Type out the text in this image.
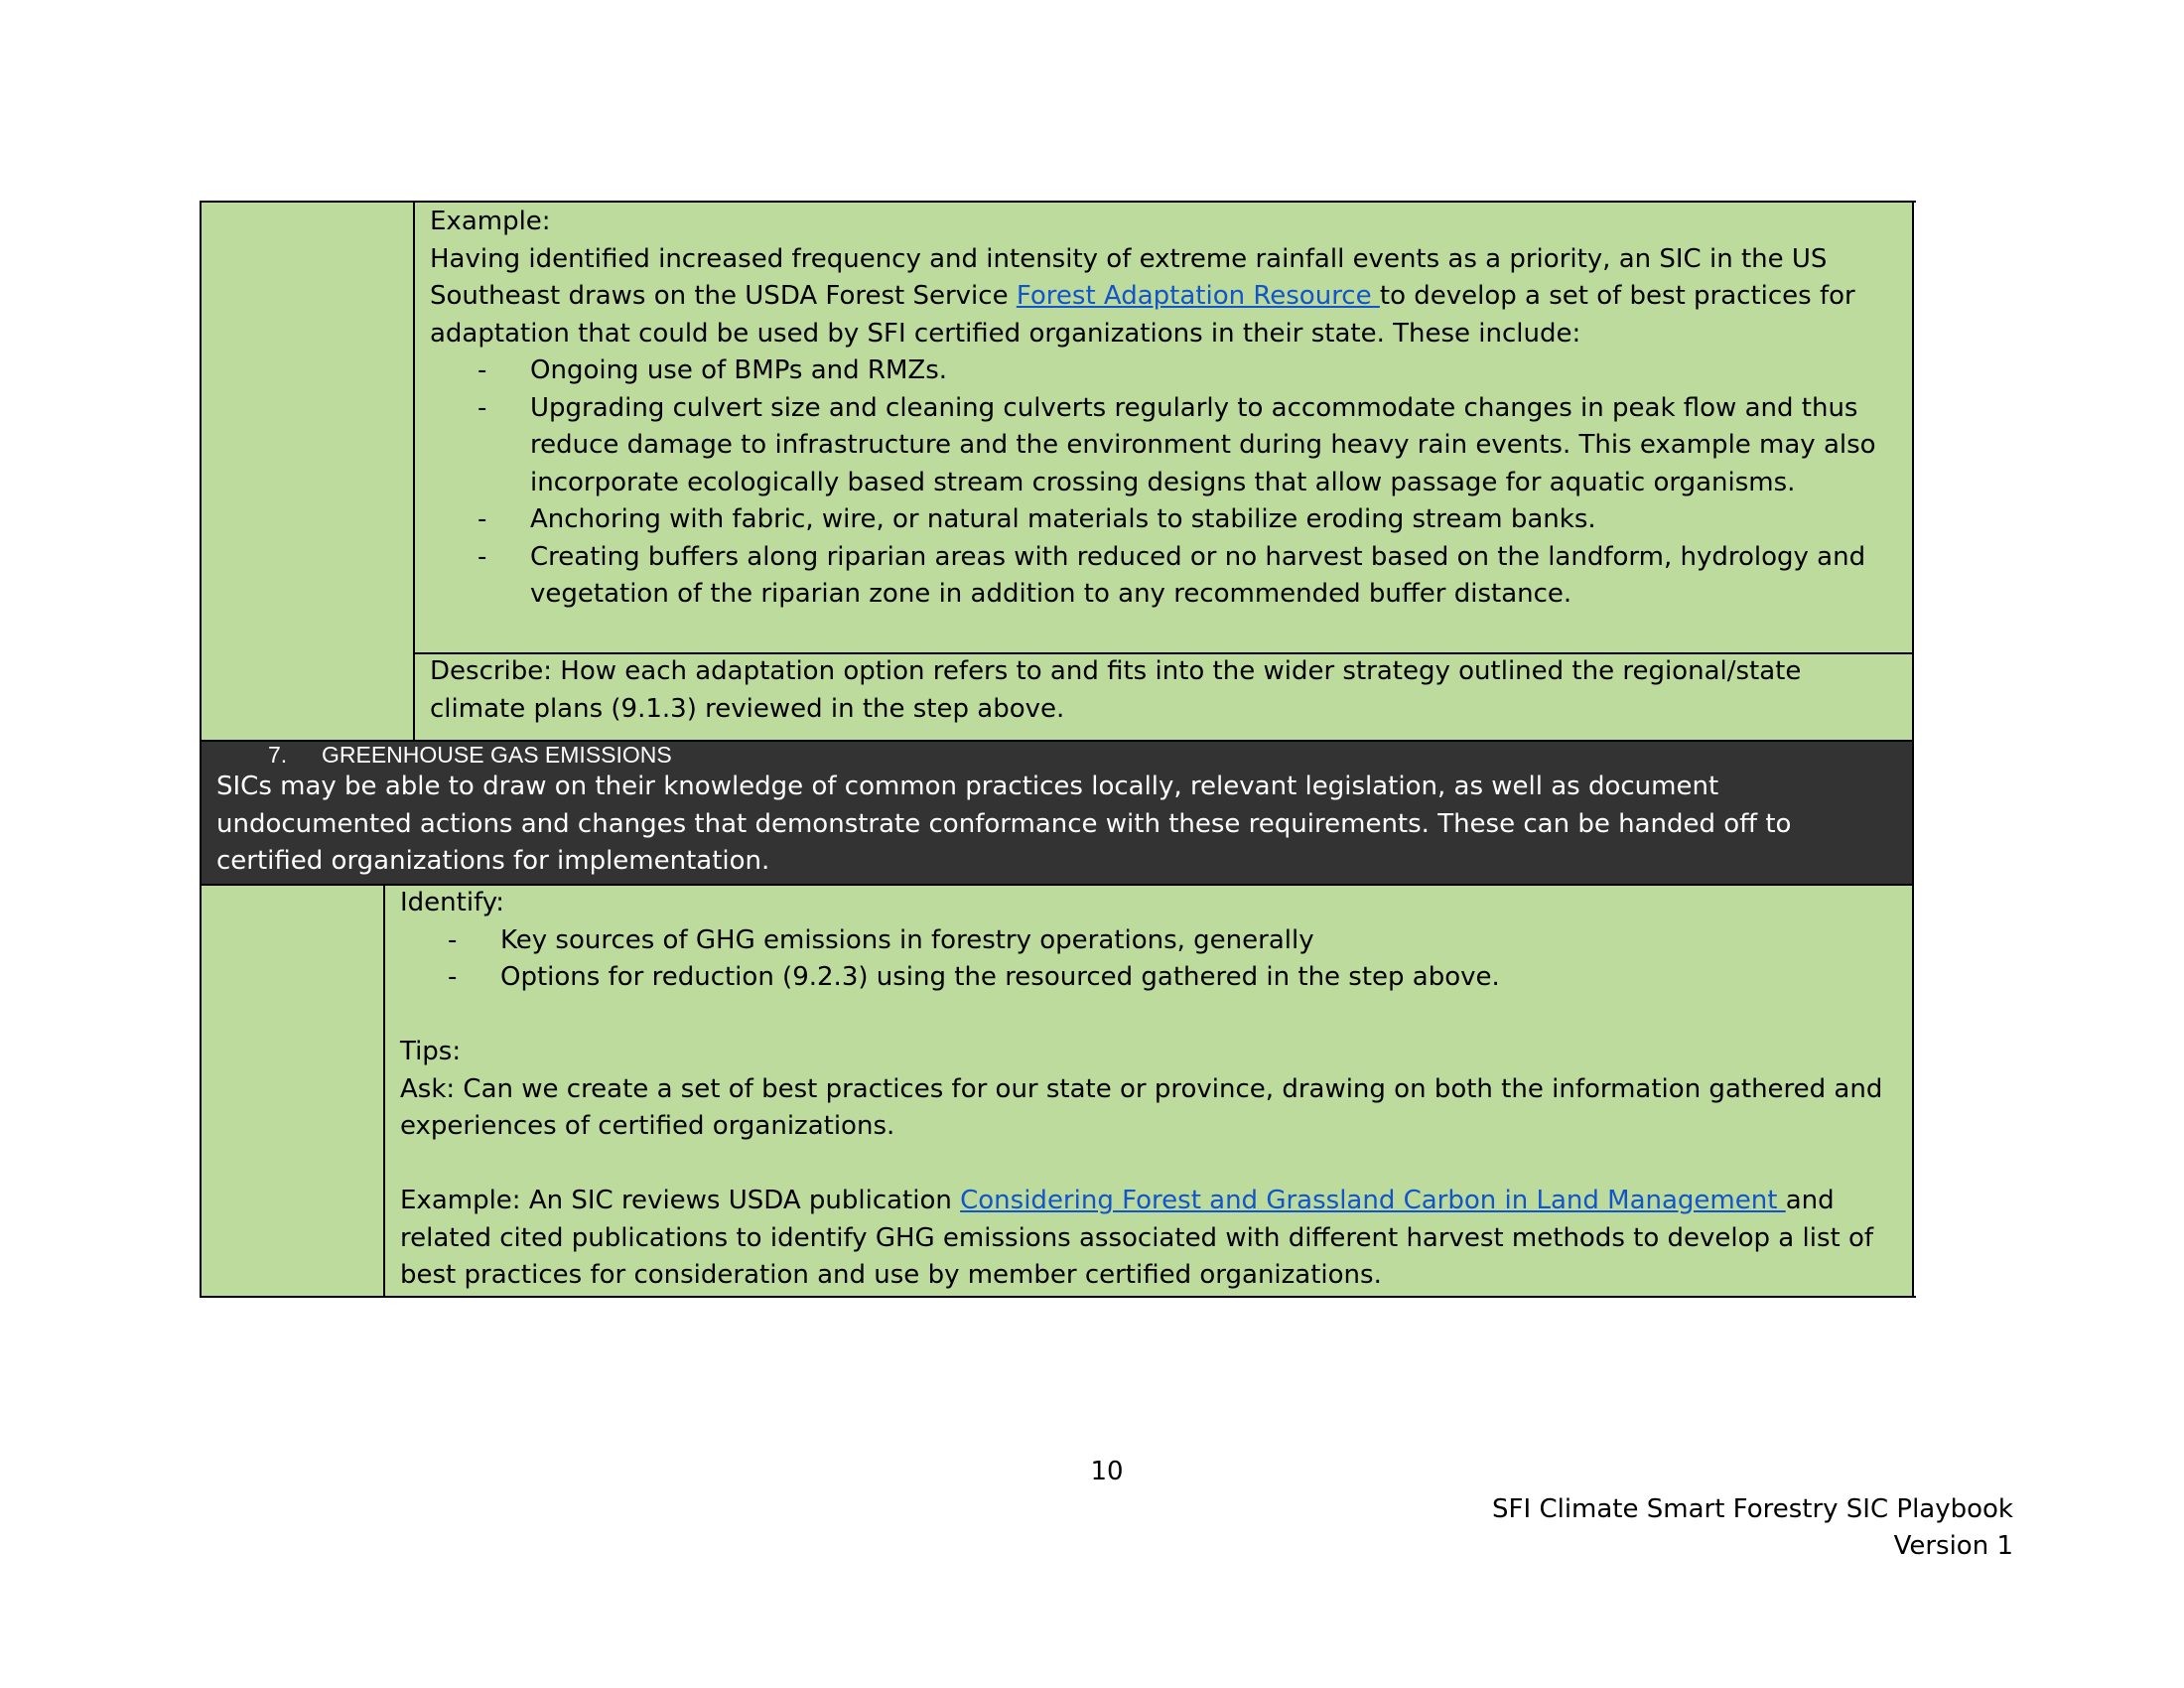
Example:
Having identified increased frequency and intensity of extreme rainfall events as a priority, an SIC in the US Southeast draws on the USDA Forest Service Forest Adaptation Resource to develop a set of best practices for adaptation that could be used by SFI certified organizations in their state. These include:
- Ongoing use of BMPs and RMZs.
- Upgrading culvert size and cleaning culverts regularly to accommodate changes in peak flow and thus reduce damage to infrastructure and the environment during heavy rain events. This example may also incorporate ecologically based stream crossing designs that allow passage for aquatic organisms.
- Anchoring with fabric, wire, or natural materials to stabilize eroding stream banks.
- Creating buffers along riparian areas with reduced or no harvest based on the landform, hydrology and vegetation of the riparian zone in addition to any recommended buffer distance.
Describe: How each adaptation option refers to and fits into the wider strategy outlined the regional/state climate plans (9.1.3) reviewed in the step above.
7. GREENHOUSE GAS EMISSIONS
SICs may be able to draw on their knowledge of common practices locally, relevant legislation, as well as document undocumented actions and changes that demonstrate conformance with these requirements. These can be handed off to certified organizations for implementation.
Identify:
- Key sources of GHG emissions in forestry operations, generally
- Options for reduction (9.2.3) using the resourced gathered in the step above.
Tips:
Ask: Can we create a set of best practices for our state or province, drawing on both the information gathered and experiences of certified organizations.
Example: An SIC reviews USDA publication Considering Forest and Grassland Carbon in Land Management and related cited publications to identify GHG emissions associated with different harvest methods to develop a list of best practices for consideration and use by member certified organizations.
10
SFI Climate Smart Forestry SIC Playbook
Version 1
